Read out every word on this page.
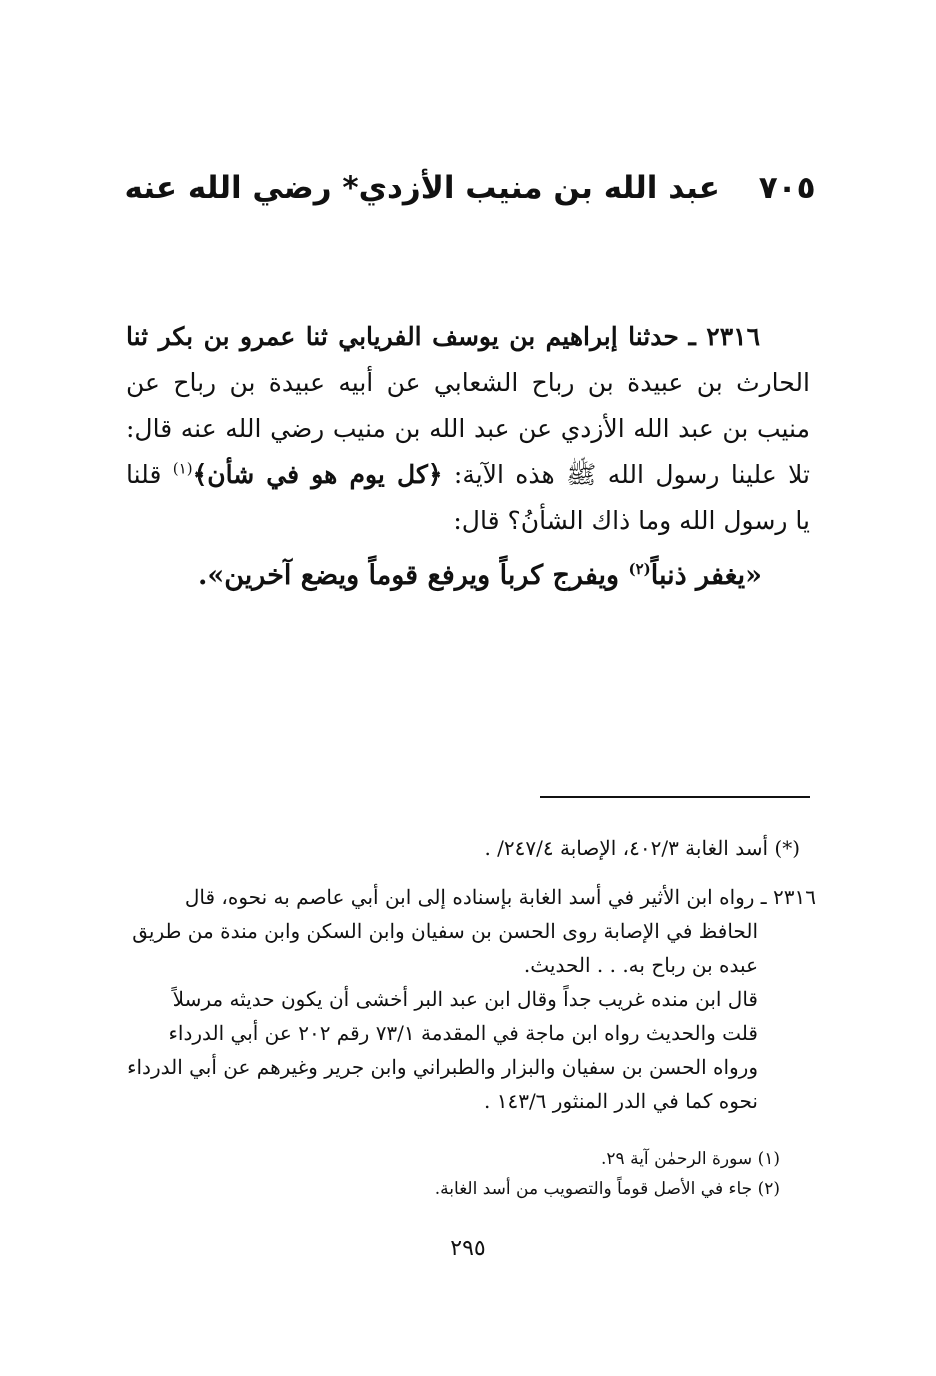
٧٠٥ عبد الله بن منيب الأزدي* رضي الله عنه
٢٣١٦ ـ حدثنا إبراهيم بن يوسف الفريابي ثنا عمرو بن بكر ثنا
الحارث بن عبيدة بن رباح الشعابي عن أبيه عبيدة بن رباح عن
منيب بن عبد الله الأزدي عن عبد الله بن منيب رضي الله عنه قال:
تلا علينا رسول الله ﷺ هذه الآية: ﴿كل يوم هو في شأن﴾$^{(١)}$ قلنا
يا رسول الله وما ذاك الشأنُ؟ قال:
«يغفر ذنباً$^{(٢)}$ ويفرج كرباً ويرفع قوماً ويضع آخرين».
(*) أسد الغابة ٤٠٢/٣، الإصابة ٢٤٧/٤/ .
٢٣١٦ ـ رواه ابن الأثير في أسد الغابة بإسناده إلى ابن أبي عاصم به نحوه، قال
الحافظ في الإصابة روى الحسن بن سفيان وابن السكن وابن مندة من طريق
عبده بن رباح به. . . الحديث.
قال ابن منده غريب جداً وقال ابن عبد البر أخشى أن يكون حديثه مرسلاً
قلت والحديث رواه ابن ماجة في المقدمة ٧٣/١ رقم ٢٠٢ عن أبي الدرداء
ورواه الحسن بن سفيان والبزار والطبراني وابن جرير وغيرهم عن أبي الدرداء
نحوه كما في الدر المنثور ١٤٣/٦ .
(١) سورة الرحمٰن آية ٢٩.
(٢) جاء في الأصل قوماً والتصويب من أسد الغابة.
٢٩٥
